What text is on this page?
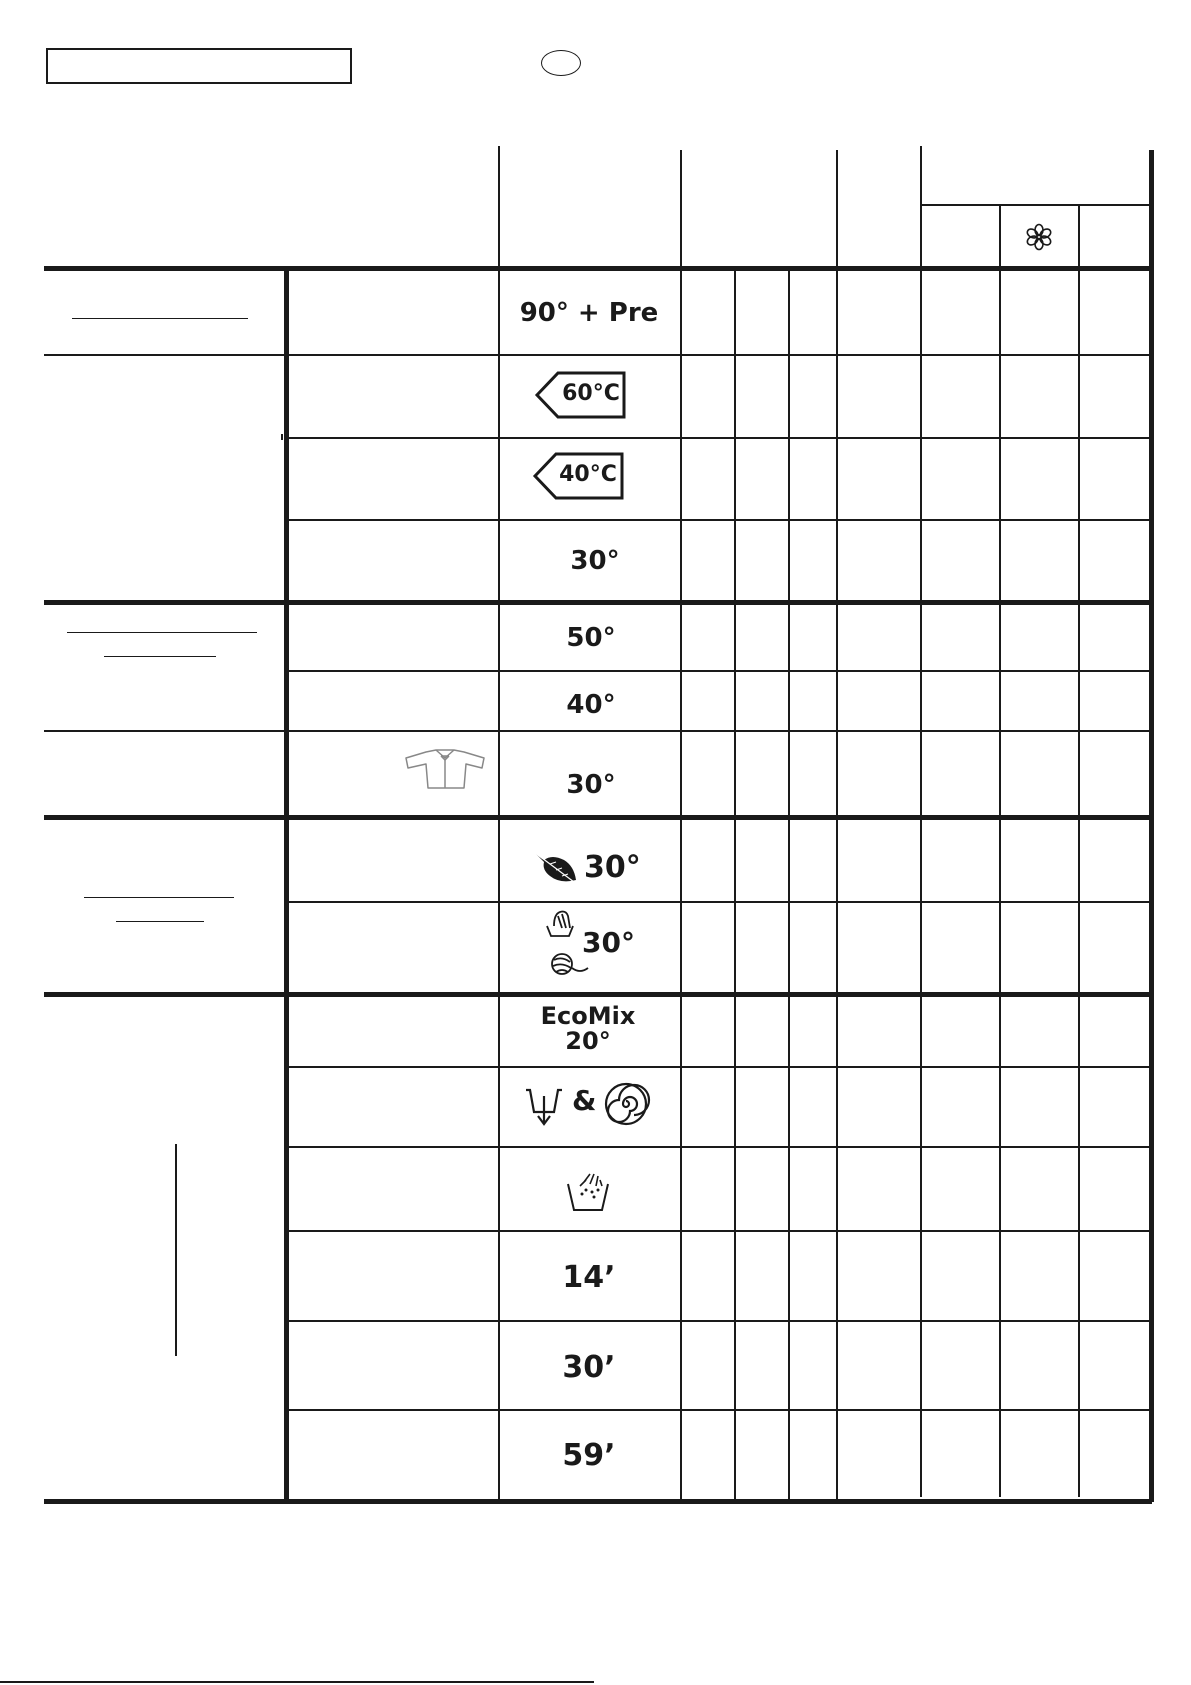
90° + Pre
60°C
40°C
30°
50°
40°
30°
30°
30°
EcoMix
20°
&
14’
30’
59’
